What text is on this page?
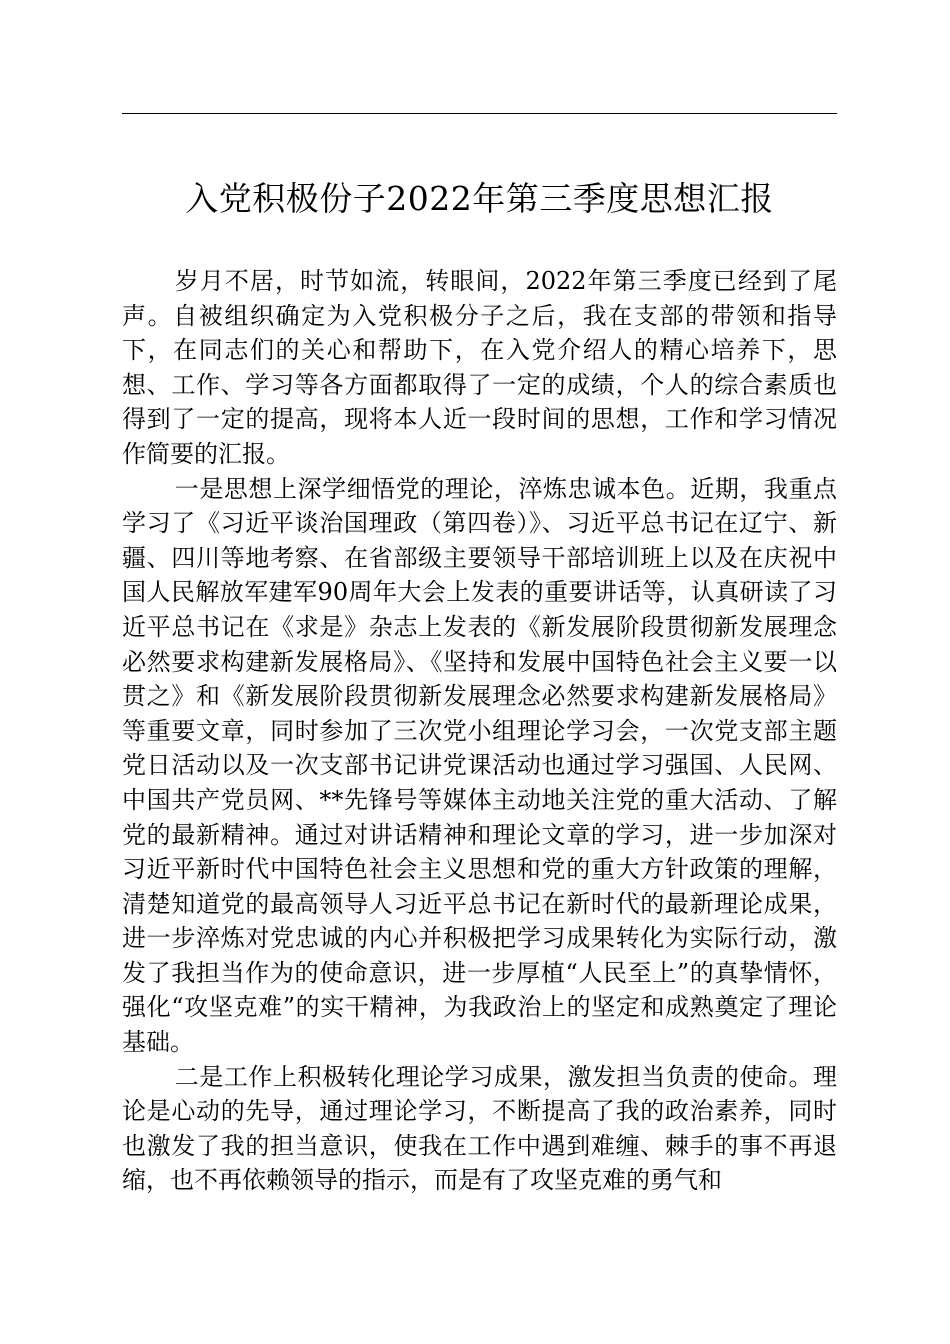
入党积极份子2022年第三季度思想汇报

岁月不居，时节如流，转眼间，2022年第三季度已经到了尾声。自被组织确定为入党积极分子之后，我在支部的带领和指导下，在同志们的关心和帮助下，在入党介绍人的精心培养下，思想、工作、学习等各方面都取得了一定的成绩，个人的综合素质也得到了一定的提高，现将本人近一段时间的思想，工作和学习情况作简要的汇报。

一是思想上深学细悟党的理论，淬炼忠诚本色。近期，我重点学习了《习近平谈治国理政（第四卷）》、习近平总书记在辽宁、新疆、四川等地考察、在省部级主要领导干部培训班上以及在庆祝中国人民解放军建军90周年大会上发表的重要讲话等，认真研读了习近平总书记在《求是》杂志上发表的《新发展阶段贯彻新发展理念必然要求构建新发展格局》、《坚持和发展中国特色社会主义要一以贯之》和《新发展阶段贯彻新发展理念必然要求构建新发展格局》等重要文章，同时参加了三次党小组理论学习会，一次党支部主题党日活动以及一次支部书记讲党课活动也通过学习强国、人民网、中国共产党员网、**先锋号等媒体主动地关注党的重大活动、了解党的最新精神。通过对讲话精神和理论文章的学习，进一步加深对习近平新时代中国特色社会主义思想和党的重大方针政策的理解，清楚知道党的最高领导人习近平总书记在新时代的最新理论成果，进一步淬炼对党忠诚的内心并积极把学习成果转化为实际行动，激发了我担当作为的使命意识，进一步厚植“人民至上”的真挚情怀，强化“攻坚克难”的实干精神，为我政治上的坚定和成熟奠定了理论基础。

二是工作上积极转化理论学习成果，激发担当负责的使命。理论是心动的先导，通过理论学习，不断提高了我的政治素养，同时也激发了我的担当意识，使我在工作中遇到难缠、棘手的事不再退缩，也不再依赖领导的指示，而是有了攻坚克难的勇气和
